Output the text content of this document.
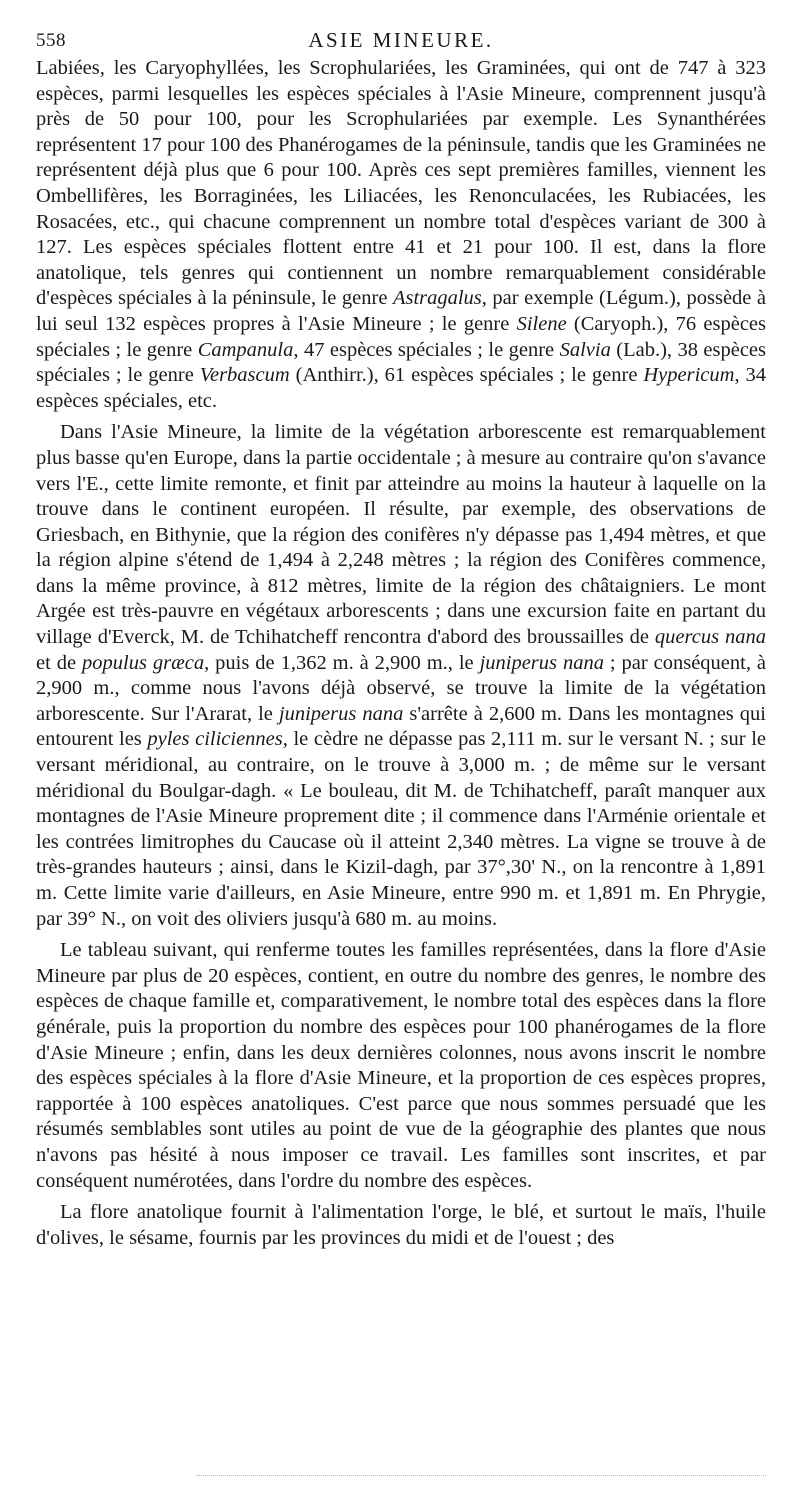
558	ASIE MINEURE.

Labiées, les Caryophyllées, les Scrophulariées, les Graminées, qui ont de 747 à 323 espèces, parmi lesquelles les espèces spéciales à l'Asie Mineure, comprennent jusqu'à près de 50 pour 100, pour les Scrophulariées par exemple. Les Synanthérées représentent 17 pour 100 des Phanérogames de la péninsule, tandis que les Graminées ne représentent déjà plus que 6 pour 100. Après ces sept premières familles, viennent les Ombellifères, les Borraginées, les Liliacées, les Renonculacées, les Rubiacées, les Rosacées, etc., qui chacune comprennent un nombre total d'espèces variant de 300 à 127. Les espèces spéciales flottent entre 41 et 21 pour 100. Il est, dans la flore anatolique, tels genres qui contiennent un nombre remarquablement considérable d'espèces spéciales à la péninsule, le genre Astragalus, par exemple (Légum.), possède à lui seul 132 espèces propres à l'Asie Mineure ; le genre Silene (Caryoph.), 76 espèces spéciales ; le genre Campanula, 47 espèces spéciales ; le genre Salvia (Lab.), 38 espèces spéciales ; le genre Verbascum (Anthirr.), 61 espèces spéciales ; le genre Hypericum, 34 espèces spéciales, etc.

Dans l'Asie Mineure, la limite de la végétation arborescente est remarquablement plus basse qu'en Europe, dans la partie occidentale ; à mesure au contraire qu'on s'avance vers l'E., cette limite remonte, et finit par atteindre au moins la hauteur à laquelle on la trouve dans le continent européen. Il résulte, par exemple, des observations de Griesbach, en Bithynie, que la région des conifères n'y dépasse pas 1,494 mètres, et que la région alpine s'étend de 1,494 à 2,248 mètres ; la région des Conifères commence, dans la même province, à 812 mètres, limite de la région des châtaigniers. Le mont Argée est très-pauvre en végétaux arborescents ; dans une excursion faite en partant du village d'Everck, M. de Tchihatcheff rencontra d'abord des broussailles de quercus nana et de populus græca, puis de 1,362 m. à 2,900 m., le juniperus nana ; par conséquent, à 2,900 m., comme nous l'avons déjà observé, se trouve la limite de la végétation arborescente. Sur l'Ararat, le juniperus nana s'arrête à 2,600 m. Dans les montagnes qui entourent les pyles ciliciennes, le cèdre ne dépasse pas 2,111 m. sur le versant N. ; sur le versant méridional, au contraire, on le trouve à 3,000 m. ; de même sur le versant méridional du Boulgar-dagh. « Le bouleau, dit M. de Tchihatcheff, paraît manquer aux montagnes de l'Asie Mineure proprement dite ; il commence dans l'Arménie orientale et les contrées limitrophes du Caucase où il atteint 2,340 mètres. La vigne se trouve à de très-grandes hauteurs ; ainsi, dans le Kizil-dagh, par 37°,30' N., on la rencontre à 1,891 m. Cette limite varie d'ailleurs, en Asie Mineure, entre 990 m. et 1,891 m. En Phrygie, par 39° N., on voit des oliviers jusqu'à 680 m. au moins.

Le tableau suivant, qui renferme toutes les familles représentées, dans la flore d'Asie Mineure par plus de 20 espèces, contient, en outre du nombre des genres, le nombre des espèces de chaque famille et, comparativement, le nombre total des espèces dans la flore générale, puis la proportion du nombre des espèces pour 100 phanérogames de la flore d'Asie Mineure ; enfin, dans les deux dernières colonnes, nous avons inscrit le nombre des espèces spéciales à la flore d'Asie Mineure, et la proportion de ces espèces propres, rapportée à 100 espèces anatoliques. C'est parce que nous sommes persuadé que les résumés semblables sont utiles au point de vue de la géographie des plantes que nous n'avons pas hésité à nous imposer ce travail. Les familles sont inscrites, et par conséquent numérotées, dans l'ordre du nombre des espèces.

La flore anatolique fournit à l'alimentation l'orge, le blé, et surtout le maïs, l'huile d'olives, le sésame, fournis par les provinces du midi et de l'ouest ; des
